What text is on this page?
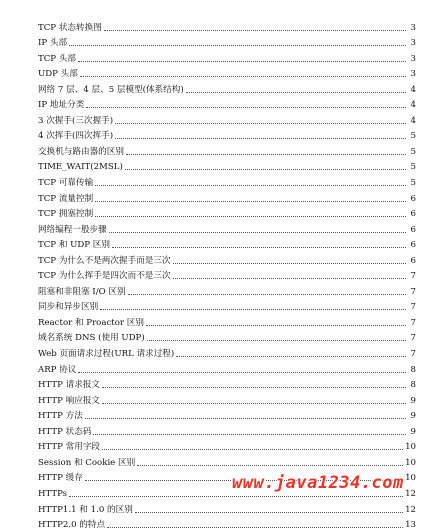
TCP 状态转换图	3
IP 头部	3
TCP 头部	3
UDP 头部	3
网络 7 层、4 层、5 层模型(体系结构)	4
IP 地址分类	4
3 次握手(三次握手)	4
4 次挥手(四次挥手)	5
交换机与路由器的区别	5
TIME_WAIT(2MSL)	5
TCP 可靠传输	5
TCP 流量控制	6
TCP 拥塞控制	6
网络编程一般步骤	6
TCP 和 UDP 区别	6
TCP 为什么不是两次握手而是三次	6
TCP 为什么挥手是四次而不是三次	7
阻塞和非阻塞 I/O 区别	7
同步和异步区别	7
Reactor 和 Proactor 区别	7
域名系统 DNS (使用 UDP)	7
Web 页面请求过程(URL 请求过程)	7
ARP 协议	8
HTTP 请求报文	8
HTTP 响应报文	9
HTTP 方法	9
HTTP 状态码	9
HTTP 常用字段	10
Session 和 Cookie 区别	10
HTTP 缓存	10
HTTPs	12
HTTP1.1 和 1.0 的区别	12
HTTP2.0 的特点	13
www.java1234.com
